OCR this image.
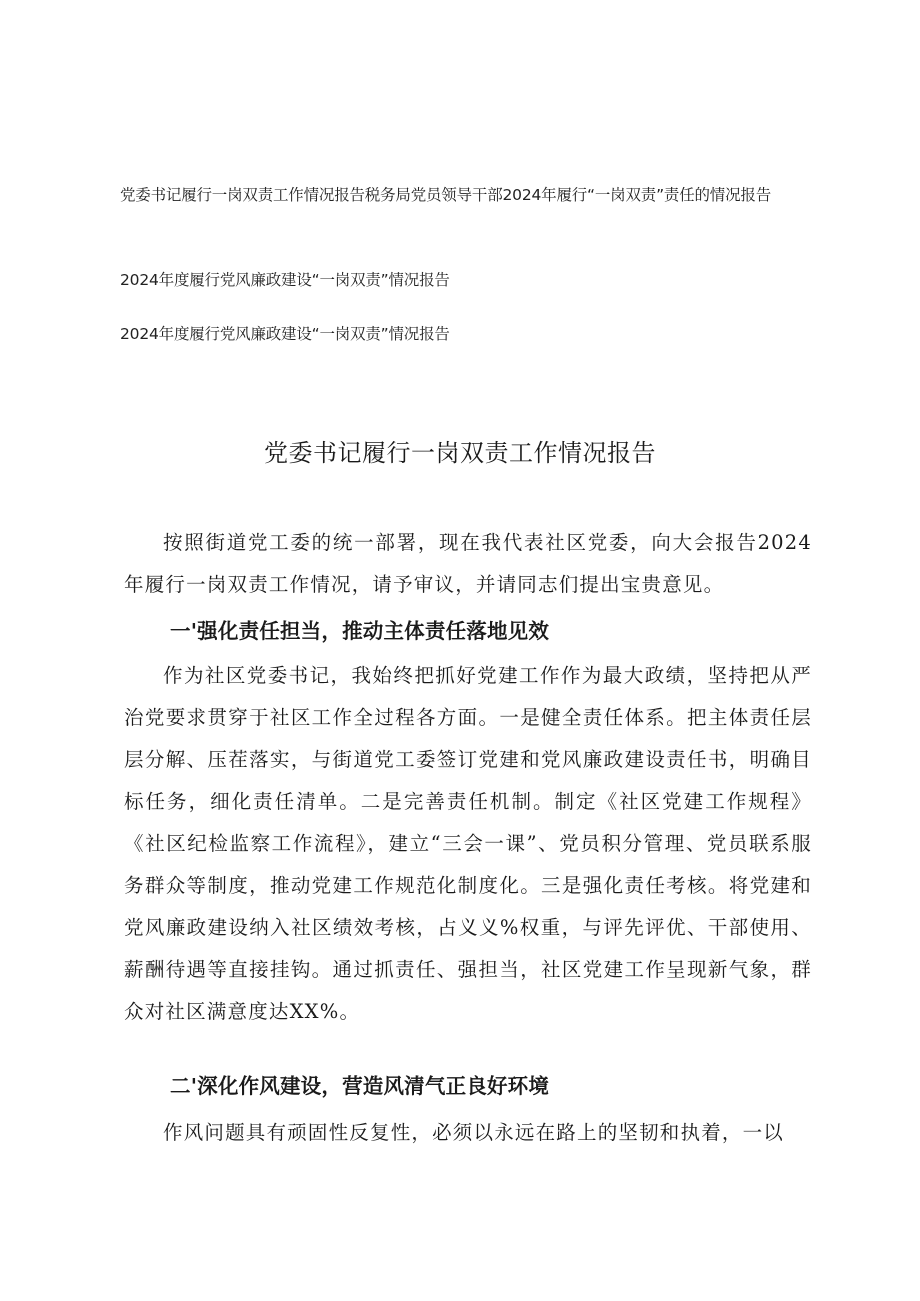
党委书记履行一岗双责工作情况报告税务局党员领导干部2024年履行“一岗双责”责任的情况报告
2024年度履行党风廉政建设“一岗双责”情况报告
2024年度履行党风廉政建设“一岗双责”情况报告
党委书记履行一岗双责工作情况报告

按照街道党工委的统一部署，现在我代表社区党委，向大会报告2024年履行一岗双责工作情况，请予审议，并请同志们提出宝贵意见。

一'强化责任担当，推动主体责任落地见效

作为社区党委书记，我始终把抓好党建工作作为最大政绩，坚持把从严治党要求贯穿于社区工作全过程各方面。一是健全责任体系。把主体责任层层分解、压茬落实，与街道党工委签订党建和党风廉政建设责任书，明确目标任务，细化责任清单。二是完善责任机制。制定《社区党建工作规程》《社区纪检监察工作流程》，建立“三会一课”、党员积分管理、党员联系服务群众等制度，推动党建工作规范化制度化。三是强化责任考核。将党建和党风廉政建设纳入社区绩效考核，占义义%权重，与评先评优、干部使用、薪酬待遇等直接挂钩。通过抓责任、强担当，社区党建工作呈现新气象，群众对社区满意度达XX%。

二'深化作风建设，营造风清气正良好环境

作风问题具有顽固性反复性，必须以永远在路上的坚韧和执着，一以
